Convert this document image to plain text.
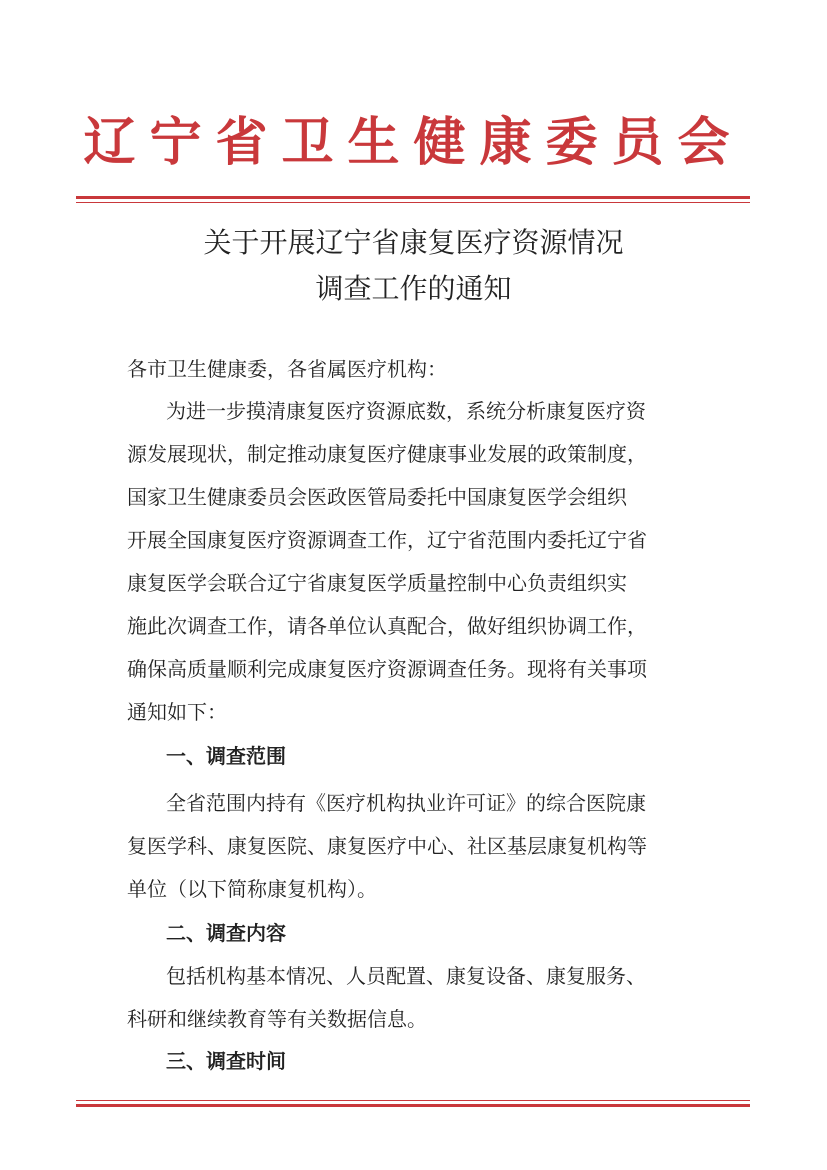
辽宁省卫生健康委员会
关于开展辽宁省康复医疗资源情况
调查工作的通知
各市卫生健康委，各省属医疗机构：
为进一步摸清康复医疗资源底数，系统分析康复医疗资
源发展现状，制定推动康复医疗健康事业发展的政策制度，
国家卫生健康委员会医政医管局委托中国康复医学会组织
开展全国康复医疗资源调查工作，辽宁省范围内委托辽宁省
康复医学会联合辽宁省康复医学质量控制中心负责组织实
施此次调查工作，请各单位认真配合，做好组织协调工作，
确保高质量顺利完成康复医疗资源调查任务。现将有关事项
通知如下：
一、调查范围
全省范围内持有《医疗机构执业许可证》的综合医院康
复医学科、康复医院、康复医疗中心、社区基层康复机构等
单位（以下简称康复机构）。
二、调查内容
包括机构基本情况、人员配置、康复设备、康复服务、
科研和继续教育等有关数据信息。
三、调查时间
